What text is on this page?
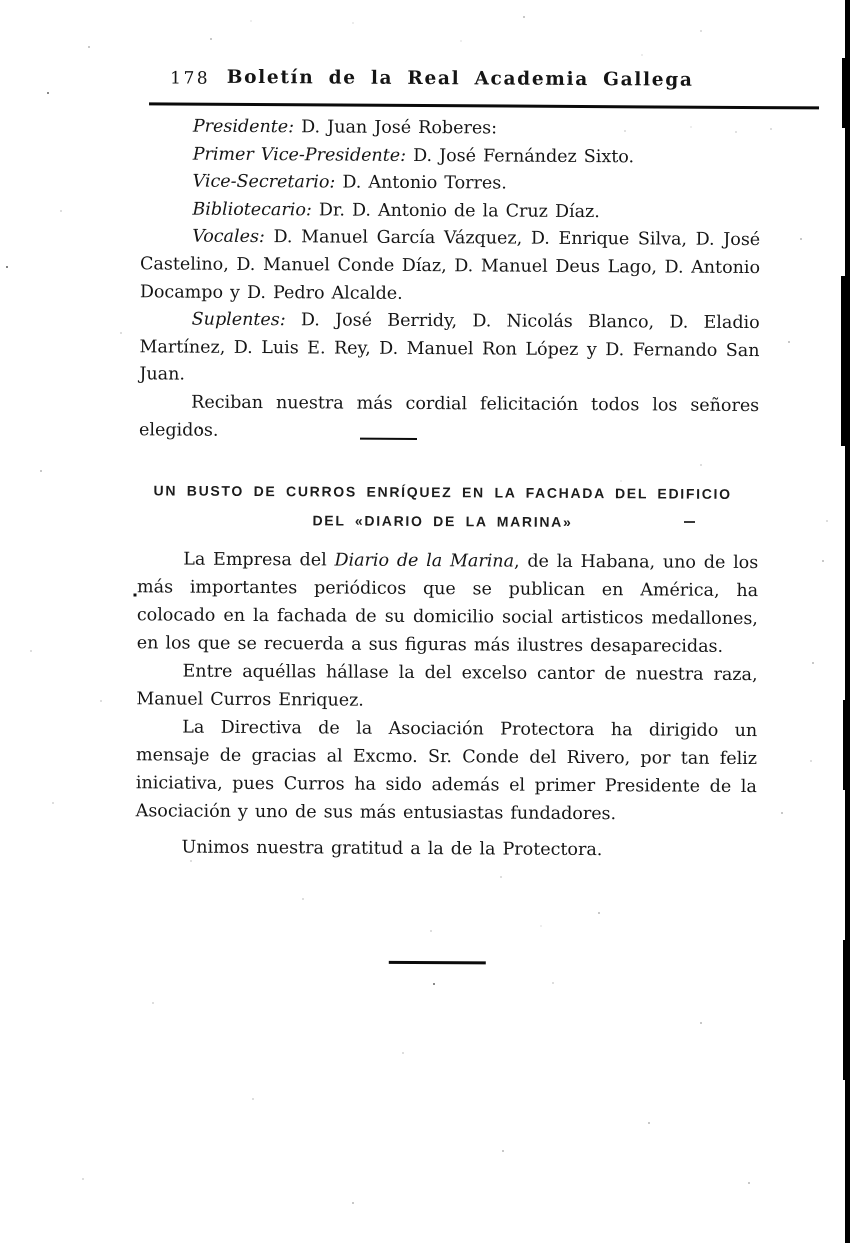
178 Boletín de la Real Academia Gallega

Presidente: D. Juan José Roberes:

Primer Vice-Presidente: D. José Fernández Sixto.

Vice-Secretario: D. Antonio Torres.

Bibliotecario: Dr. D. Antonio de la Cruz Díaz.

Vocales: D. Manuel García Vázquez, D. Enrique Silva, D. José Castelino, D. Manuel Conde Díaz, D. Manuel Deus Lago, D. Antonio Docampo y D. Pedro Alcalde.

Suplentes: D. José Berridy, D. Nicolás Blanco, D. Eladio Martínez, D. Luis E. Rey, D. Manuel Ron López y D. Fernando San Juan.

Reciban nuestra más cordial felicitación todos los señores elegidos.

UN BUSTO DE CURROS ENRÍQUEZ EN LA FACHADA DEL EDIFICIO
DEL «DIARIO DE LA MARINA»

La Empresa del Diario de la Marina, de la Habana, uno de los más importantes periódicos que se publican en América, ha colocado en la fachada de su domicilio social artisticos medallones, en los que se recuerda a sus figuras más ilustres desaparecidas.

Entre aquéllas hállase la del excelso cantor de nuestra raza, Manuel Curros Enriquez.

La Directiva de la Asociación Protectora ha dirigido un mensaje de gracias al Excmo. Sr. Conde del Rivero, por tan feliz iniciativa, pues Curros ha sido además el primer Presidente de la Asociación y uno de sus más entusiastas fundadores.

Unimos nuestra gratitud a la de la Protectora.
